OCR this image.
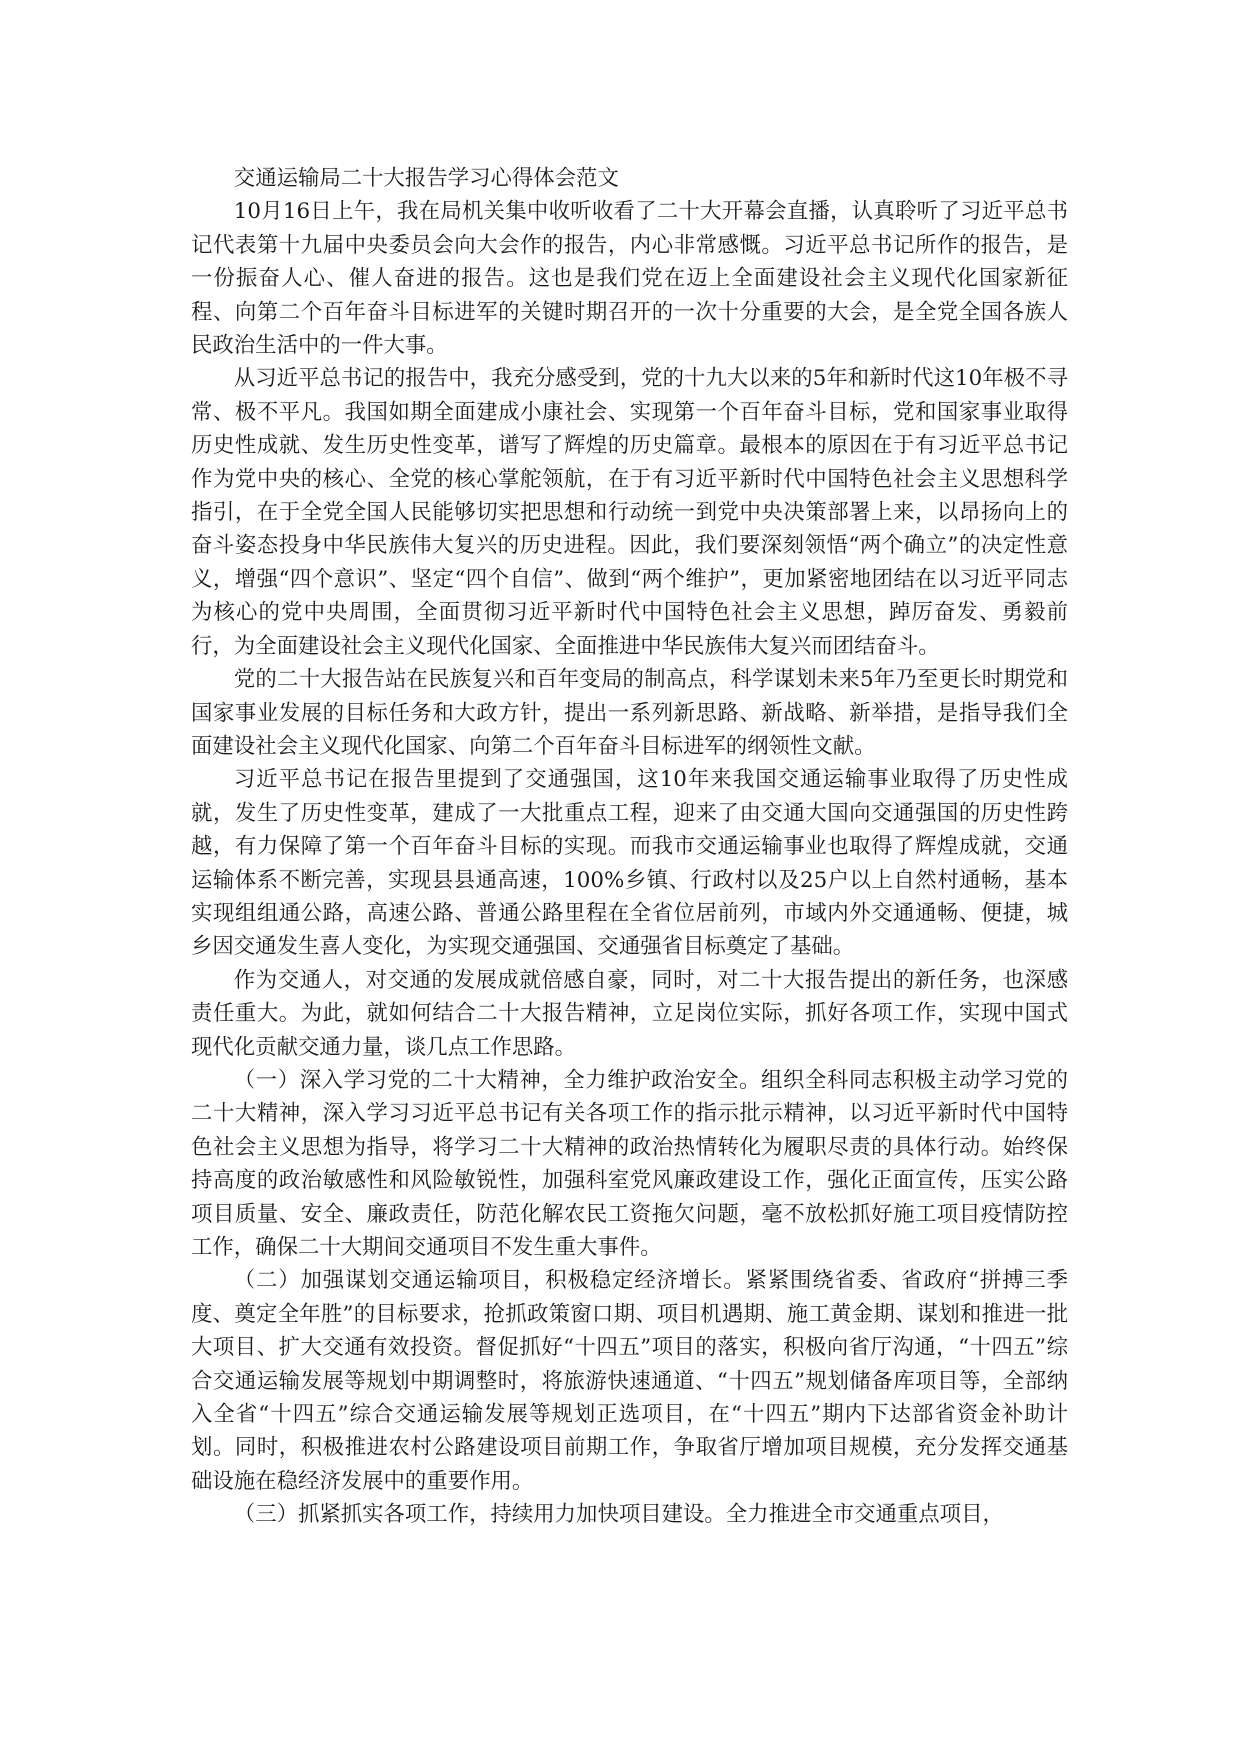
交通运输局二十大报告学习心得体会范文

10月16日上午，我在局机关集中收听收看了二十大开幕会直播，认真聆听了习近平总书记代表第十九届中央委员会向大会作的报告，内心非常感慨。习近平总书记所作的报告，是一份振奋人心、催人奋进的报告。这也是我们党在迈上全面建设社会主义现代化国家新征程、向第二个百年奋斗目标进军的关键时期召开的一次十分重要的大会，是全党全国各族人民政治生活中的一件大事。

从习近平总书记的报告中，我充分感受到，党的十九大以来的5年和新时代这10年极不寻常、极不平凡。我国如期全面建成小康社会、实现第一个百年奋斗目标，党和国家事业取得历史性成就、发生历史性变革，谱写了辉煌的历史篇章。最根本的原因在于有习近平总书记作为党中央的核心、全党的核心掌舵领航，在于有习近平新时代中国特色社会主义思想科学指引，在于全党全国人民能够切实把思想和行动统一到党中央决策部署上来，以昂扬向上的奋斗姿态投身中华民族伟大复兴的历史进程。因此，我们要深刻领悟“两个确立”的决定性意义，增强“四个意识”、坚定“四个自信”、做到“两个维护”，更加紧密地团结在以习近平同志为核心的党中央周围，全面贯彻习近平新时代中国特色社会主义思想，踔厉奋发、勇毅前行，为全面建设社会主义现代化国家、全面推进中华民族伟大复兴而团结奋斗。

党的二十大报告站在民族复兴和百年变局的制高点，科学谋划未来5年乃至更长时期党和国家事业发展的目标任务和大政方针，提出一系列新思路、新战略、新举措，是指导我们全面建设社会主义现代化国家、向第二个百年奋斗目标进军的纲领性文献。

习近平总书记在报告里提到了交通强国，这10年来我国交通运输事业取得了历史性成就，发生了历史性变革，建成了一大批重点工程，迎来了由交通大国向交通强国的历史性跨越，有力保障了第一个百年奋斗目标的实现。而我市交通运输事业也取得了辉煌成就，交通运输体系不断完善，实现县县通高速，100%乡镇、行政村以及25户以上自然村通畅，基本实现组组通公路，高速公路、普通公路里程在全省位居前列，市域内外交通通畅、便捷，城乡因交通发生喜人变化，为实现交通强国、交通强省目标奠定了基础。

作为交通人，对交通的发展成就倍感自豪，同时，对二十大报告提出的新任务，也深感责任重大。为此，就如何结合二十大报告精神，立足岗位实际，抓好各项工作，实现中国式现代化贡献交通力量，谈几点工作思路。

（一）深入学习党的二十大精神，全力维护政治安全。组织全科同志积极主动学习党的二十大精神，深入学习习近平总书记有关各项工作的指示批示精神，以习近平新时代中国特色社会主义思想为指导，将学习二十大精神的政治热情转化为履职尽责的具体行动。始终保持高度的政治敏感性和风险敏锐性，加强科室党风廉政建设工作，强化正面宣传，压实公路项目质量、安全、廉政责任，防范化解农民工资拖欠问题，毫不放松抓好施工项目疫情防控工作，确保二十大期间交通项目不发生重大事件。

（二）加强谋划交通运输项目，积极稳定经济增长。紧紧围绕省委、省政府“拼搏三季度、奠定全年胜”的目标要求，抢抓政策窗口期、项目机遇期、施工黄金期、谋划和推进一批大项目、扩大交通有效投资。督促抓好“十四五”项目的落实，积极向省厅沟通，“十四五”综合交通运输发展等规划中期调整时，将旅游快速通道、“十四五”规划储备库项目等，全部纳入全省“十四五”综合交通运输发展等规划正选项目，在“十四五”期内下达部省资金补助计划。同时，积极推进农村公路建设项目前期工作，争取省厅增加项目规模，充分发挥交通基础设施在稳经济发展中的重要作用。

（三）抓紧抓实各项工作，持续用力加快项目建设。全力推进全市交通重点项目，
